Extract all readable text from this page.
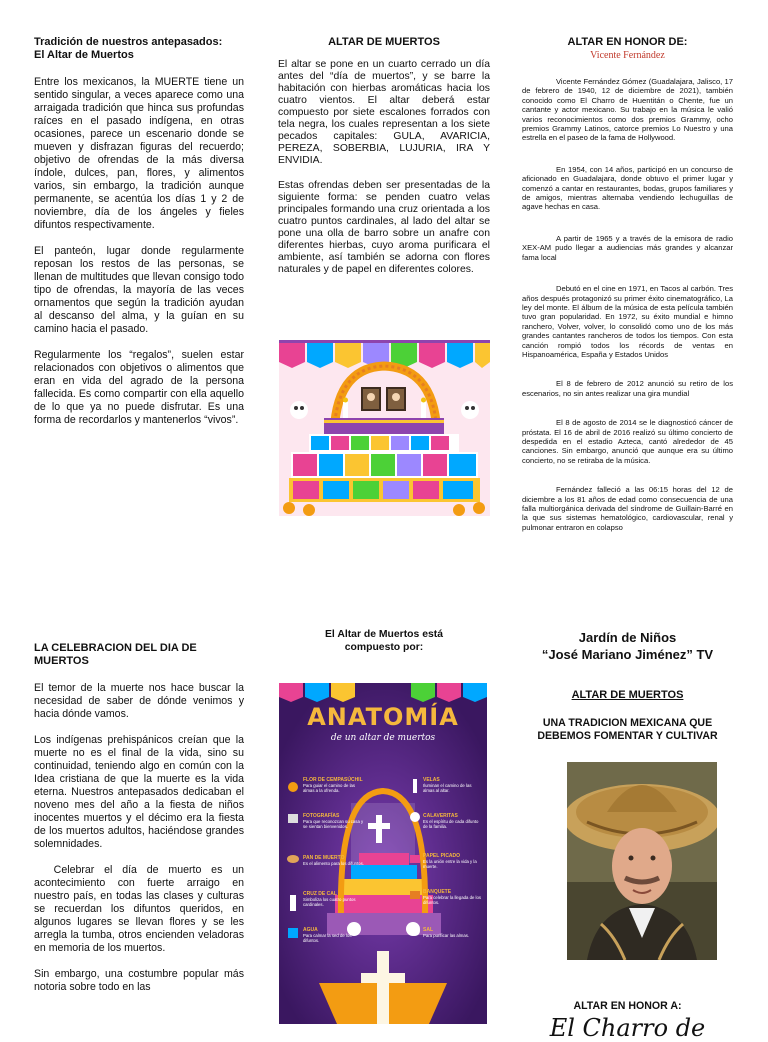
Tradición de nuestros antepasados:
El Altar de Muertos

Entre los mexicanos, la MUERTE tiene un sentido singular, a veces aparece como una arraigada tradición que hinca sus profundas raíces en el pasado indígena, en otras ocasiones, parece un escenario donde se mueven y disfrazan figuras del recuerdo; objetivo de ofrendas de la más diversa índole, dulces, pan, flores, y alimentos varios, sin embargo, la tradición aunque permanente, se acentúa los días 1 y 2 de noviembre, día de los ángeles y fieles difuntos respectivamente.

El panteón, lugar donde regularmente reposan los restos de las personas, se llenan de multitudes que llevan consigo todo tipo de ofrendas, la mayoría de las veces ornamentos que según la tradición ayudan al descanso del alma, y la guían en su camino hacia el pasado.

Regularmente los “regalos”, suelen estar relacionados con objetivos o alimentos que eran en vida del agrado de la persona fallecida. Es como compartir con ella aquello de lo que ya no puede disfrutar. Es una forma de recordarlos y mantenerlos “vivos”.

ALTAR DE MUERTOS

El altar se pone en un cuarto cerrado un día antes del “día de muertos”, y se barre la habitación con hierbas aromáticas hacia los cuatro vientos. El altar deberá estar compuesto por siete escalones forrados con tela negra, los cuales representan a los siete pecados capitales: GULA, AVARICIA, PEREZA, SOBERBIA, LUJURIA, IRA Y ENVIDIA.

Estas ofrendas deben ser presentadas de la siguiente forma: se penden cuatro velas principales formando una cruz orientada a los cuatro puntos cardinales, al lado del altar se pone una olla de barro sobre un anafre con diferentes hierbas, cuyo aroma purificara el ambiente, así también se adorna con flores naturales y de papel en diferentes colores.

ALTAR EN HONOR DE:
Vicente Fernández

Vicente Fernández Gómez (Guadalajara, Jalisco, 17 de febrero de 1940, 12 de diciembre de 2021), también conocido como El Charro de Huentitán o Chente, fue un cantante y actor mexicano. Su trabajo en la música le valió varios reconocimientos como dos premios Grammy, ocho premios Grammy Latinos, catorce premios Lo Nuestro y una estrella en el paseo de la fama de Hollywood.

En 1954, con 14 años, participó en un concurso de aficionado en Guadalajara, donde obtuvo el primer lugar y comenzó a cantar en restaurantes, bodas, grupos familiares y de amigos, mientras alternaba vendiendo lechuguillas de agave hechas en casa.

A partir de 1965 y a través de la emisora de radio XEX-AM pudo llegar a audiencias más grandes y alcanzar fama local

Debutó en el cine en 1971, en Tacos al carbón. Tres años después protagonizó su primer éxito cinematográfico, La ley del monte. El álbum de la música de esta película también tuvo gran popularidad. En 1972, su éxito mundial e himno ranchero, Volver, volver, lo consolidó como uno de los más grandes cantantes rancheros de todos los tiempos. Con esta canción rompió todos los récords de ventas en Hispanoamérica, España y Estados Unidos

El 8 de febrero de 2012 anunció su retiro de los escenarios, no sin antes realizar una gira mundial

El 8 de agosto de 2014 se le diagnosticó cáncer de próstata. El 16 de abril de 2016 realizó su último concierto de despedida en el estadio Azteca, cantó alrededor de 45 canciones. Sin embargo, anunció que aunque era su último concierto, no se retiraba de la música.

Fernández falleció a las 06:15 horas del 12 de diciembre a los 81 años de edad como consecuencia de una falla multiorgánica derivada del síndrome de Guillain-Barré en la que sus sistemas hematológico, cardiovascular, renal y pulmonar entraron en colapso

LA CELEBRACION DEL DIA DE MUERTOS

El temor de la muerte nos hace buscar la necesidad de saber de dónde venimos y hacia dónde vamos.

Los indígenas prehispánicos creían que la muerte no es el final de la vida, sino su continuidad, teniendo algo en común con la Idea cristiana de que la muerte es la vida eterna. Nuestros antepasados dedicaban el noveno mes del año a la fiesta de niños inocentes muertos y el décimo era la fiesta de los muertos adultos, haciéndose grandes solemnidades.

Celebrar el día de muerto es un acontecimiento con fuerte arraigo en nuestro país, en todas las clases y culturas se recuerdan los difuntos queridos, en algunos lugares se llevan flores y se les arregla la tumba, otros encienden veladoras en memoria de los muertos.

Sin embargo, una costumbre popular más notoria sobre todo en las

El Altar de Muertos está compuesto por:
ANATOMÍA
de un altar de muertos
FLOR DE CEMPASÚCHIL
Para guiar el camino de las almas a la ofrenda.
FOTOGRAFÍAS
Para que reconozcan su casa y se sientan bienvenidos.
PAN DE MUERTO
Es el alimento para los difuntos.
CRUZ DE CAL
Simboliza los cuatro puntos cardinales.
AGUA
Para calmar la sed de los difuntos.
VELAS
Iluminan el camino de las almas al altar.
CALAVERITAS
Es el espíritu de cada difunto de la familia.
PAPEL PICADO
Es la unión entre la vida y la muerte.
BANQUETE
Para celebrar la llegada de los difuntos.
SAL
Para purificar las almas.
Jardín de Niños
“José Mariano Jiménez” TV
ALTAR DE MUERTOS
UNA TRADICION MEXICANA QUE DEBEMOS FOMENTAR Y CULTIVAR
ALTAR EN HONOR A:
El Charro de
